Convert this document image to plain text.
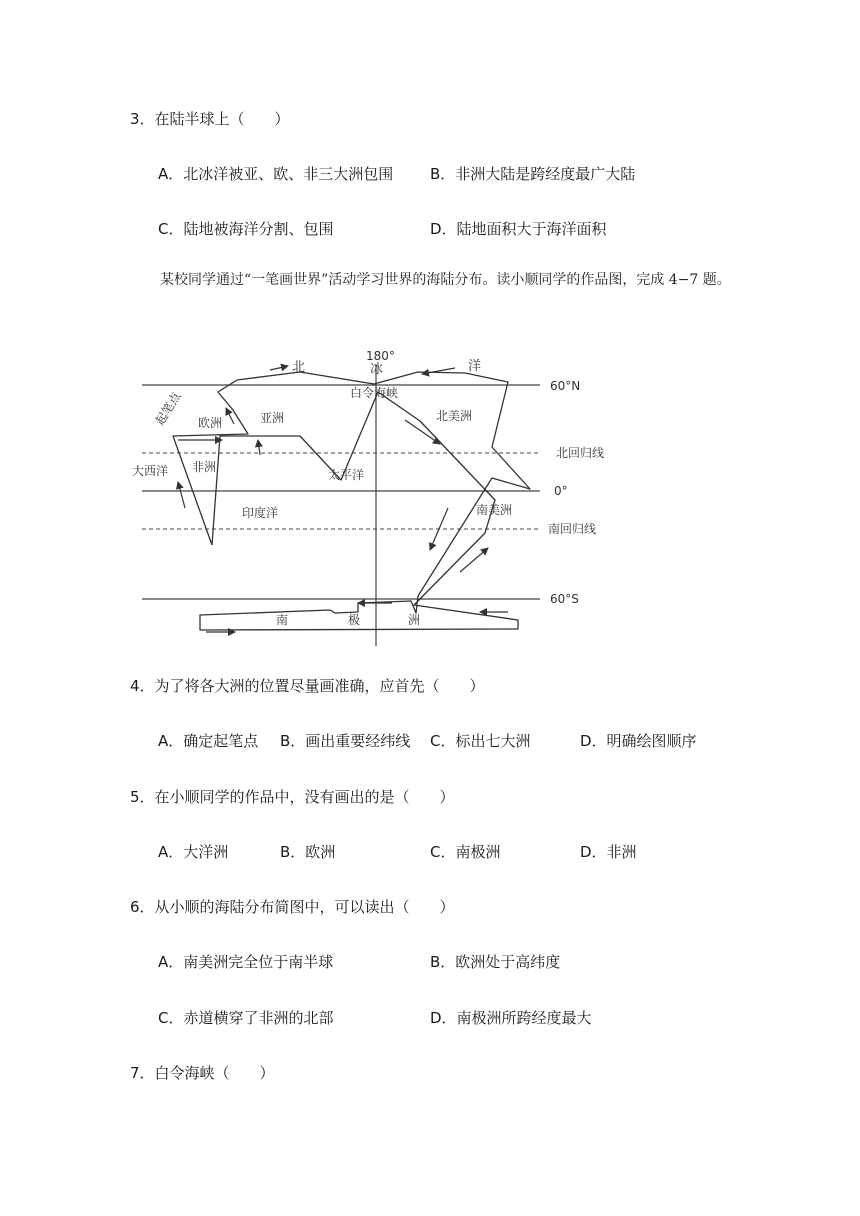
3．在陆半球上（　　）
A．北冰洋被亚、欧、非三大洲包围 B．非洲大陆是跨经度最广大陆
C．陆地被海洋分割、包围	D．陆地面积大于海洋面积
某校同学通过“一笔画世界”活动学习世界的海陆分布。读小顺同学的作品图，完成 4−7 题。
180°
60°N
北回归线
0°
南回归线
60°S
北	冰	洋
大西洋
印度洋
太平洋
欧洲	亚洲
非洲
北美洲
南美洲
南	极	洲
白令海峡
起笔点
4．为了将各大洲的位置尽量画准确，应首先（　　）
A．确定起笔点 B．画出重要经纬线 C．标出七大洲	D．明确绘图顺序
5．在小顺同学的作品中，没有画出的是（　　）
A．大洋洲	B．欧洲	C．南极洲	D．非洲
6．从小顺的海陆分布简图中，可以读出（　　）
A．南美洲完全位于南半球	B．欧洲处于高纬度
C．赤道横穿了非洲的北部	D．南极洲所跨经度最大
7．白令海峡（　　）
